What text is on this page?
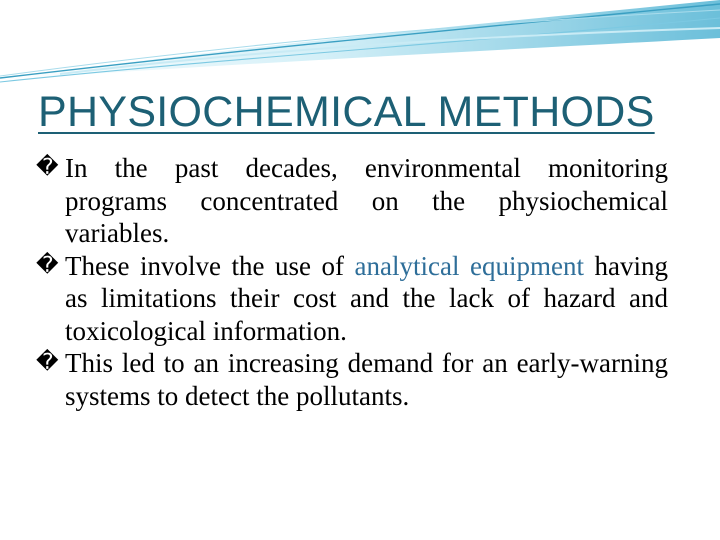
PHYSIOCHEMICAL METHODS
� In the past decades, environmental monitoring programs concentrated on the physiochemical variables.
� These involve the use of analytical equipment having as limitations their cost and the lack of hazard and toxicological information.
� This led to an increasing demand for an early-warning systems to detect the pollutants.
